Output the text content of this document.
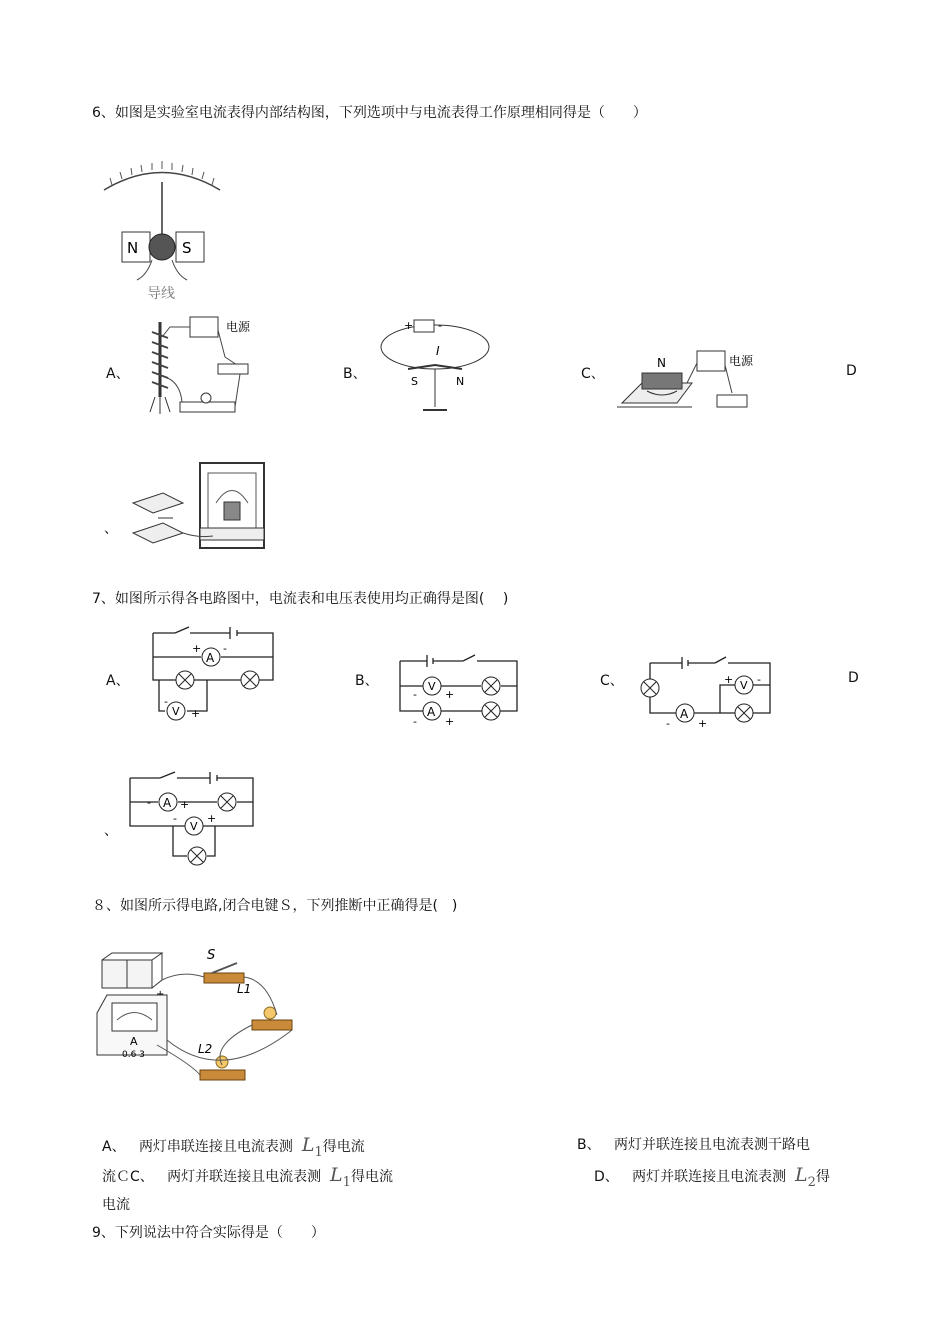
6、如图是实验室电流表得内部结构图，下列选项中与电流表得工作原理相同得是（　　）
N	S
导线
A、
电源
B、
+ -
I
S	N	C、
N	电源
D
、
7、如图所示得各电路图中，电流表和电压表使用均正确得是图(　 )
A、
A
+ -
V
-
+
B、	V
-	+
A
-	+
C、	V
+ -
A
-	+
D
、
A
-	+
V
-	+
８、如图所示得电路,闭合电键Ｓ，下列推断中正确得是(　)
A
0.6 3
S
L1
L2
A、 两灯串联连接且电流表测 $L_1$得电流	B、 两灯并联连接且电流表测干路电
流ＣC、 两灯并联连接且电流表测 $L_1$得电流	D、 两灯并联连接且电流表测 $L_2$得
电流
9、下列说法中符合实际得是（　　）
